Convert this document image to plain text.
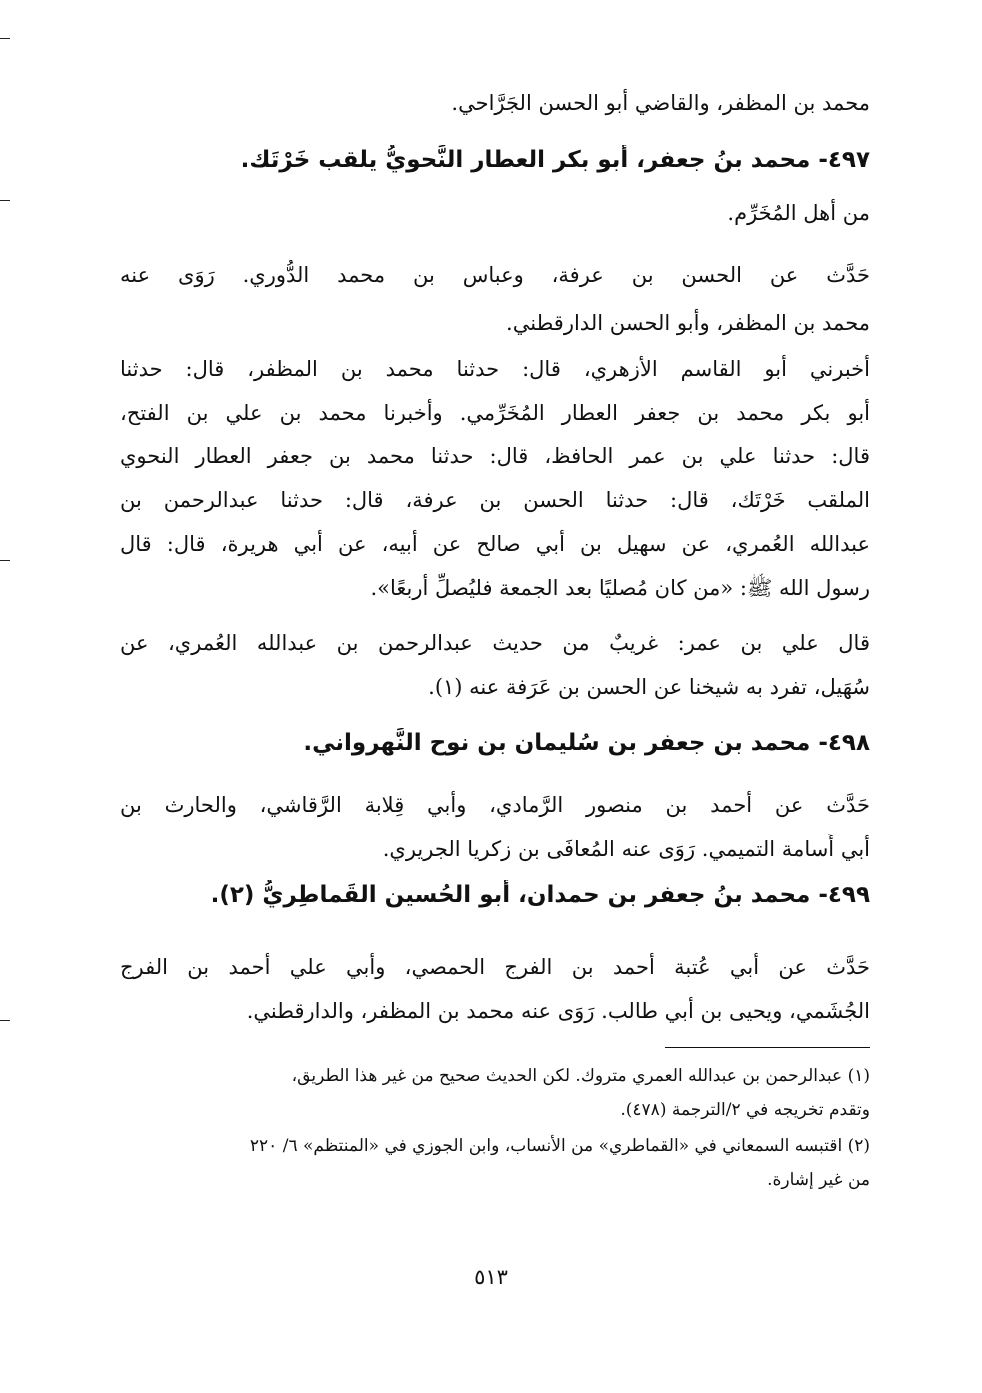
محمد بن المظفر، والقاضي أبو الحسن الجَرَّاحي.
٤٩٧- محمد بنُ جعفر، أبو بكر العطار النَّحويُّ يلقب خَرْتَك.
من أهل المُخَرِّم.
حَدَّث عن الحسن بن عرفة، وعباس بن محمد الدُّوري. رَوَى عنه
محمد بن المظفر، وأبو الحسن الدارقطني.
أخبرني أبو القاسم الأزهري، قال: حدثنا محمد بن المظفر، قال: حدثنا
أبو بكر محمد بن جعفر العطار المُخَرِّمي. وأخبرنا محمد بن علي بن الفتح،
قال: حدثنا علي بن عمر الحافظ، قال: حدثنا محمد بن جعفر العطار النحوي
الملقب خَرْتَك، قال: حدثنا الحسن بن عرفة، قال: حدثنا عبدالرحمن بن
عبدالله العُمري، عن سهيل بن أبي صالح عن أبيه، عن أبي هريرة، قال: قال
رسول الله ﷺ: «من كان مُصليًا بعد الجمعة فليُصلِّ أربعًا».
قال علي بن عمر: غريبٌ من حديث عبدالرحمن بن عبدالله العُمري، عن
سُهَيل، تفرد به شيخنا عن الحسن بن عَرَفة عنه (١).
٤٩٨- محمد بن جعفر بن سُليمان بن نوح النَّهرواني.
حَدَّث عن أحمد بن منصور الرَّمادي، وأبي قِلابة الرَّقاشي، والحارث بن
أبي أُسامة التميمي. رَوَى عنه المُعافَى بن زكريا الجريري.
٤٩٩- محمد بنُ جعفر بن حمدان، أبو الحُسين القَماطِريُّ (٢).
حَدَّث عن أبي عُتبة أحمد بن الفرج الحمصي، وأبي علي أحمد بن الفرج
الجُشَمي، ويحيى بن أبي طالب. رَوَى عنه محمد بن المظفر، والدارقطني.
(١) عبدالرحمن بن عبدالله العمري متروك. لكن الحديث صحيح من غير هذا الطريق،
وتقدم تخريجه في ٢/الترجمة (٤٧٨).
(٢) اقتبسه السمعاني في «القماطري» من الأنساب، وابن الجوزي في «المنتظم» ٦/ ٢٢٠
من غير إشارة.
٥١٣
